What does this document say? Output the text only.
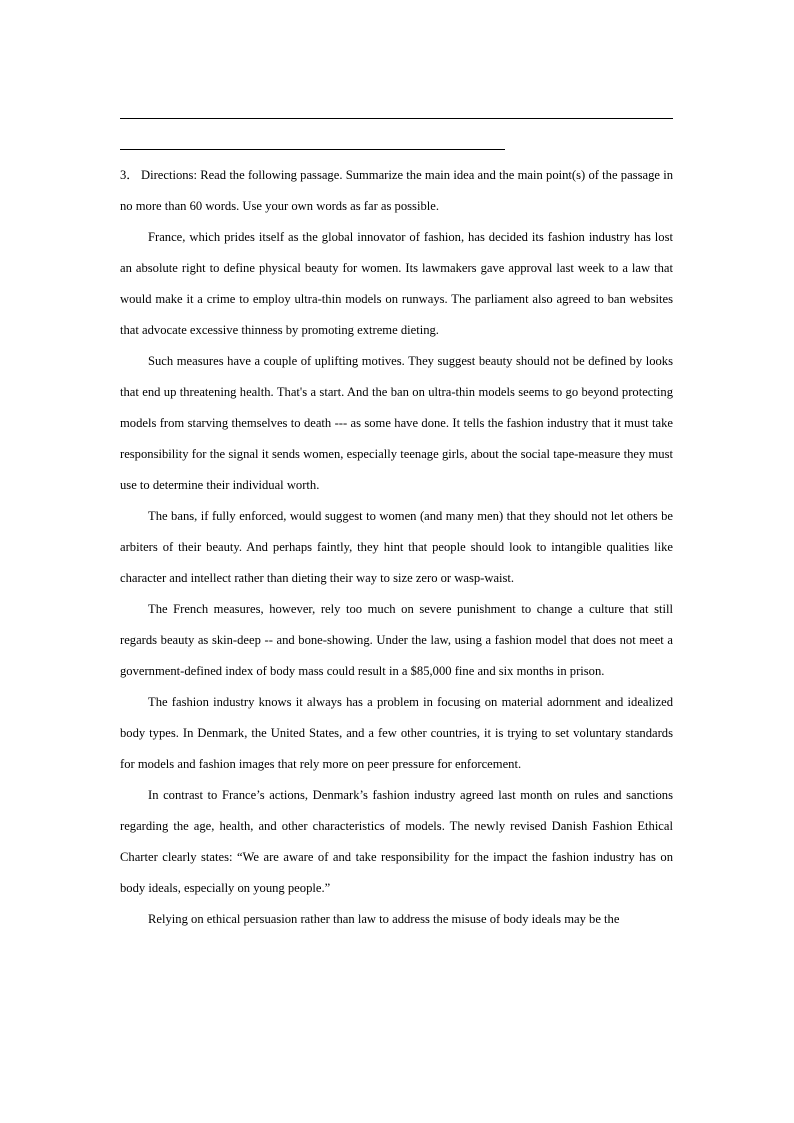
3． Directions: Read the following passage. Summarize the main idea and the main point(s) of the passage in no more than 60 words. Use your own words as far as possible.

France, which prides itself as the global innovator of fashion, has decided its fashion industry has lost an absolute right to define physical beauty for women. Its lawmakers gave approval last week to a law that would make it a crime to employ ultra-thin models on runways. The parliament also agreed to ban websites that advocate excessive thinness by promoting extreme dieting.

Such measures have a couple of uplifting motives. They suggest beauty should not be defined by looks that end up threatening health. That's a start. And the ban on ultra-thin models seems to go beyond protecting models from starving themselves to death --- as some have done. It tells the fashion industry that it must take responsibility for the signal it sends women, especially teenage girls, about the social tape-measure they must use to determine their individual worth.

The bans, if fully enforced, would suggest to women (and many men) that they should not let others be arbiters of their beauty. And perhaps faintly, they hint that people should look to intangible qualities like character and intellect rather than dieting their way to size zero or wasp-waist.

The French measures, however, rely too much on severe punishment to change a culture that still regards beauty as skin-deep -- and bone-showing. Under the law, using a fashion model that does not meet a government-defined index of body mass could result in a $85,000 fine and six months in prison.

The fashion industry knows it always has a problem in focusing on material adornment and idealized body types. In Denmark, the United States, and a few other countries, it is trying to set voluntary standards for models and fashion images that rely more on peer pressure for enforcement.

In contrast to France’s actions, Denmark’s fashion industry agreed last month on rules and sanctions regarding the age, health, and other characteristics of models. The newly revised Danish Fashion Ethical Charter clearly states: “We are aware of and take responsibility for the impact the fashion industry has on body ideals, especially on young people.”

Relying on ethical persuasion rather than law to address the misuse of body ideals may be the
